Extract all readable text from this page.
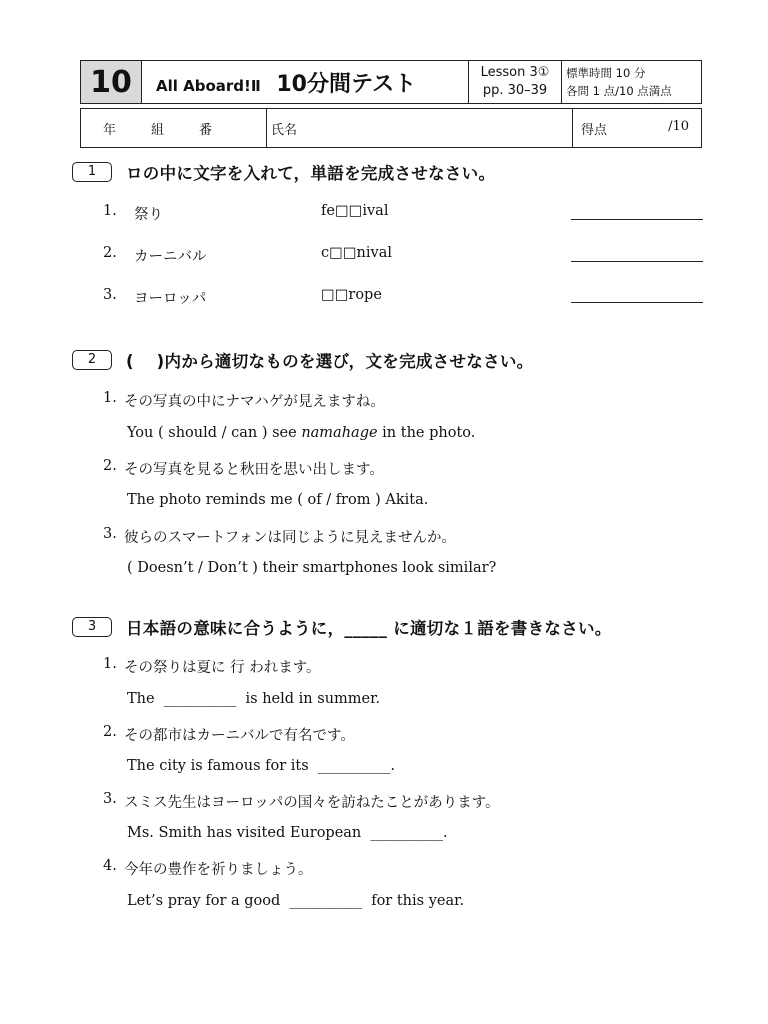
10	All Aboard!Ⅱ 10分間テスト	Lesson 3①
pp. 30–39

標準時間 10 分
各問 1 点/10 点満点
年	組	番	氏名	得点	/10
1	ロの中に文字を入れて，単語を完成させなさい。
1. 祭り	fe□□ival
2. カーニバル	c□□nival
3. ヨーロッパ	□□rope
2	(　 )内から適切なものを選び，文を完成させなさい。
1. その写真の中にナマハゲが見えますね。
You ( should / can ) see namahage in the photo.
2. その写真を見ると秋田を思い出します。
The photo reminds me ( of / from ) Akita.
3. 彼らのスマートフォンは同じように見えませんか。
( Doesn’t / Don’t ) their smartphones look similar?
3	日本語の意味に合うように，_____ に適切な１語を書きなさい。
1. その祭りは夏に 行 われます。
The  __________  is held in summer.
2. その都市はカーニバルで有名です。
The city is famous for its  __________.
3. スミス先生はヨーロッパの国々を訪ねたことがあります。
Ms. Smith has visited European  __________.
4. 今年の豊作を祈りましょう。
Let’s pray for a good  __________  for this year.
